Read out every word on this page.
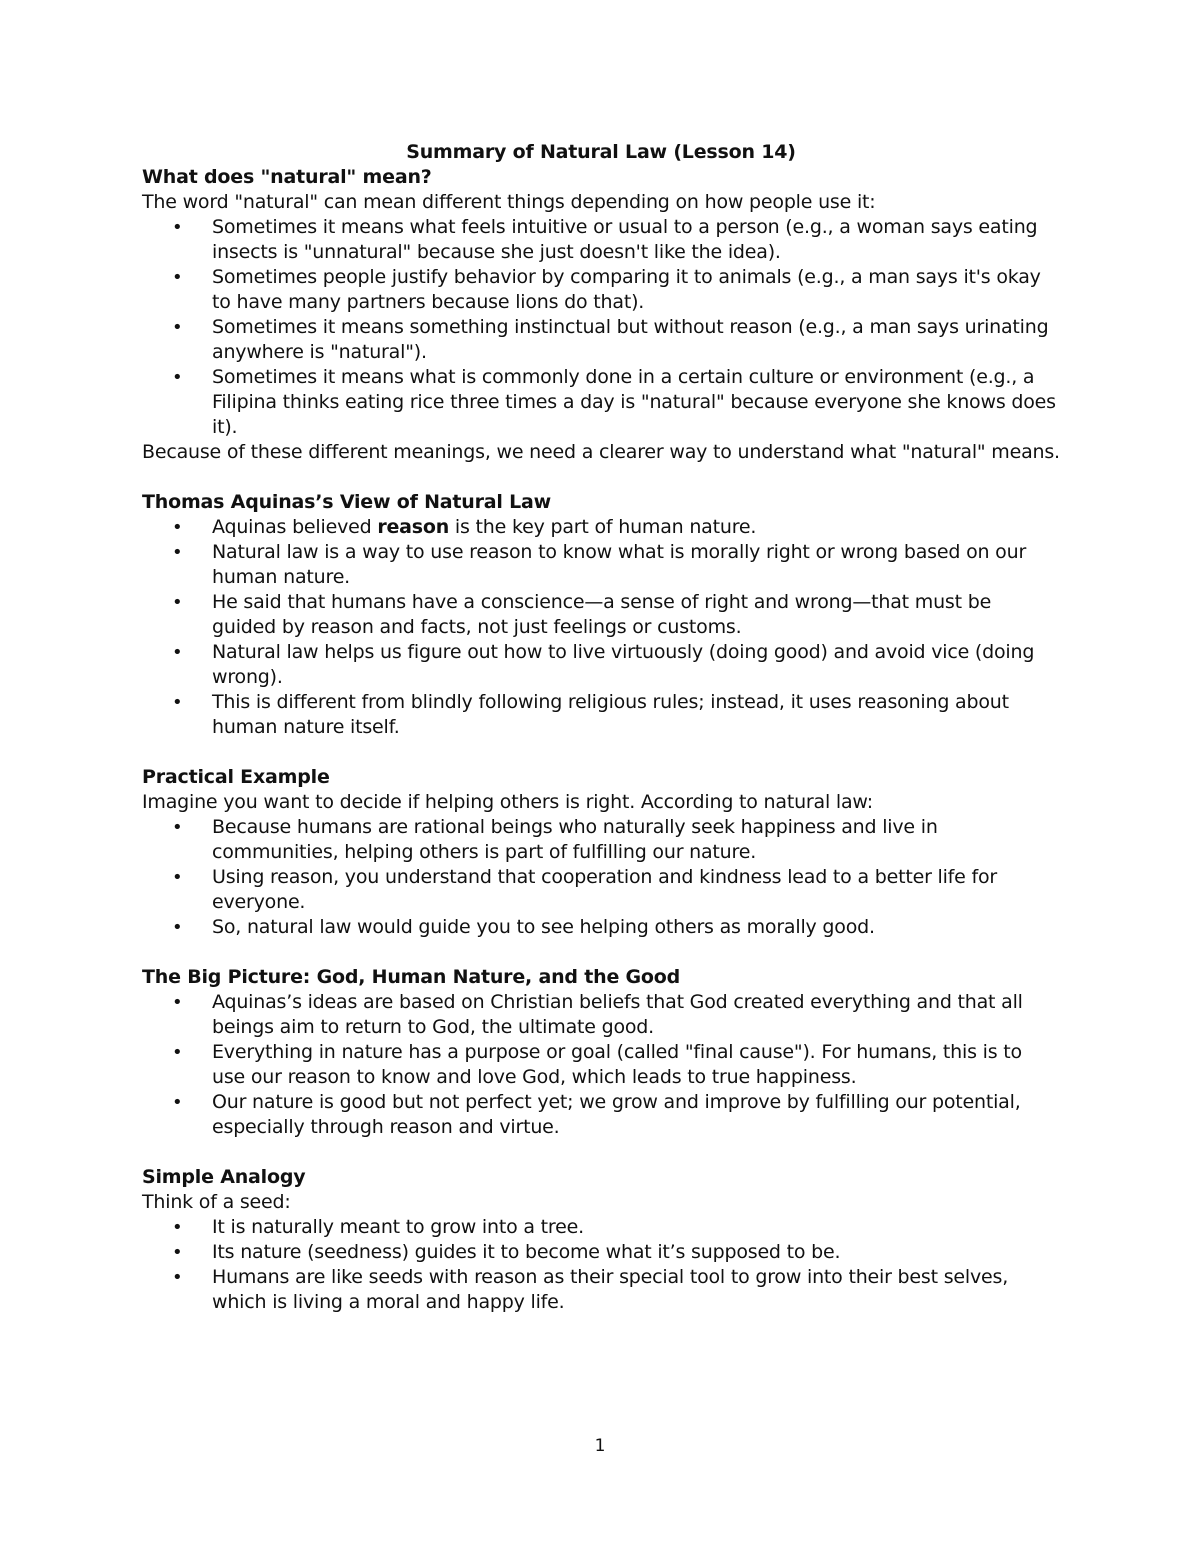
Summary of Natural Law (Lesson 14)
What does "natural" mean?

The word "natural" can mean different things depending on how people use it:

• Sometimes it means what feels intuitive or usual to a person (e.g., a woman says eating insects is "unnatural" because she just doesn't like the idea).
• Sometimes people justify behavior by comparing it to animals (e.g., a man says it's okay to have many partners because lions do that).
• Sometimes it means something instinctual but without reason (e.g., a man says urinating anywhere is "natural").
• Sometimes it means what is commonly done in a certain culture or environment (e.g., a Filipina thinks eating rice three times a day is "natural" because everyone she knows does it).

Because of these different meanings, we need a clearer way to understand what "natural" means.

Thomas Aquinas’s View of Natural Law
• Aquinas believed reason is the key part of human nature.
• Natural law is a way to use reason to know what is morally right or wrong based on our human nature.
• He said that humans have a conscience—a sense of right and wrong—that must be guided by reason and facts, not just feelings or customs.
• Natural law helps us figure out how to live virtuously (doing good) and avoid vice (doing wrong).
• This is different from blindly following religious rules; instead, it uses reasoning about human nature itself.
Practical Example

Imagine you want to decide if helping others is right. According to natural law:

• Because humans are rational beings who naturally seek happiness and live in communities, helping others is part of fulfilling our nature.
• Using reason, you understand that cooperation and kindness lead to a better life for everyone.
• So, natural law would guide you to see helping others as morally good.
The Big Picture: God, Human Nature, and the Good
• Aquinas’s ideas are based on Christian beliefs that God created everything and that all beings aim to return to God, the ultimate good.
• Everything in nature has a purpose or goal (called "final cause"). For humans, this is to use our reason to know and love God, which leads to true happiness.
• Our nature is good but not perfect yet; we grow and improve by fulfilling our potential, especially through reason and virtue.
Simple Analogy

Think of a seed:

• It is naturally meant to grow into a tree.
• Its nature (seedness) guides it to become what it’s supposed to be.
• Humans are like seeds with reason as their special tool to grow into their best selves, which is living a moral and happy life.
1
